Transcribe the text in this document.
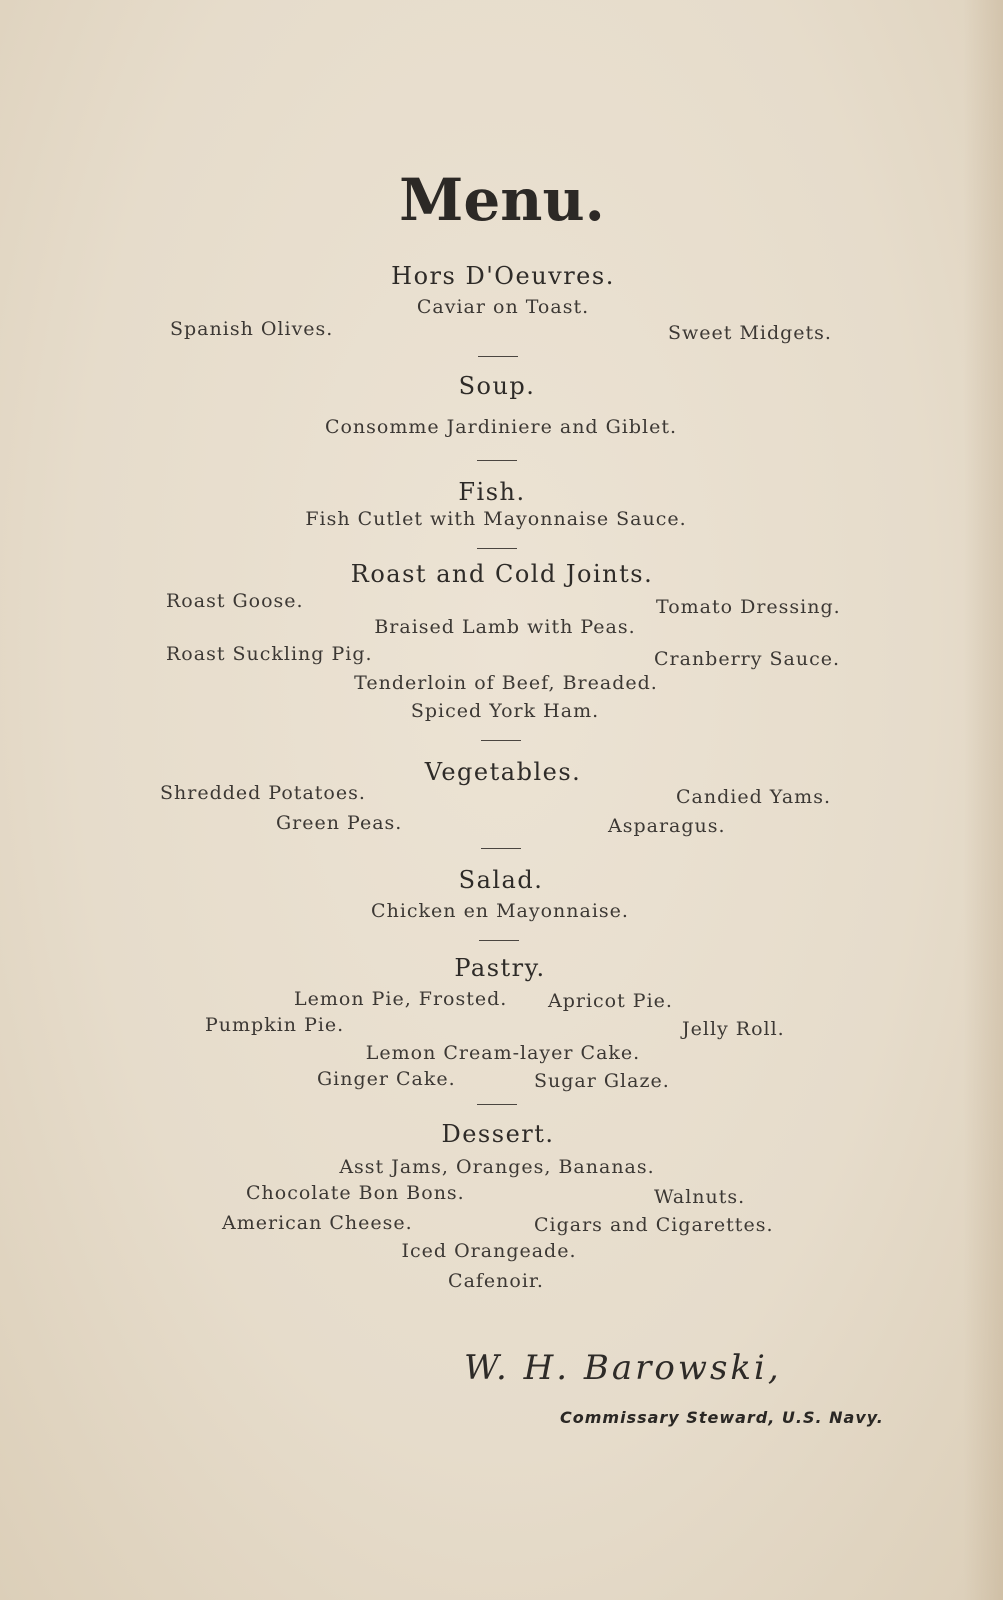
Menu.
Hors D'Oeuvres.
Caviar on Toast.
Spanish Olives.	Sweet Midgets.
Soup.
Consomme Jardiniere and Giblet.
Fish.
Fish Cutlet with Mayonnaise Sauce.
Roast and Cold Joints.
Roast Goose.	Tomato Dressing.
Braised Lamb with Peas.
Roast Suckling Pig.	Cranberry Sauce.
Tenderloin of Beef, Breaded.
Spiced York Ham.
Vegetables.
Shredded Potatoes.	Candied Yams.
Green Peas.	Asparagus.
Salad.
Chicken en Mayonnaise.
Pastry.
Lemon Pie, Frosted. Apricot Pie.
Pumpkin Pie.	Jelly Roll.
Lemon Cream-layer Cake.
Ginger Cake.	Sugar Glaze.
Dessert.
Asst Jams, Oranges, Bananas.
Chocolate Bon Bons.	Walnuts.
American Cheese.	Cigars and Cigarettes.
Iced Orangeade.
Cafenoir.
W. H. Barowski,
Commissary Steward, U.S. Navy.
